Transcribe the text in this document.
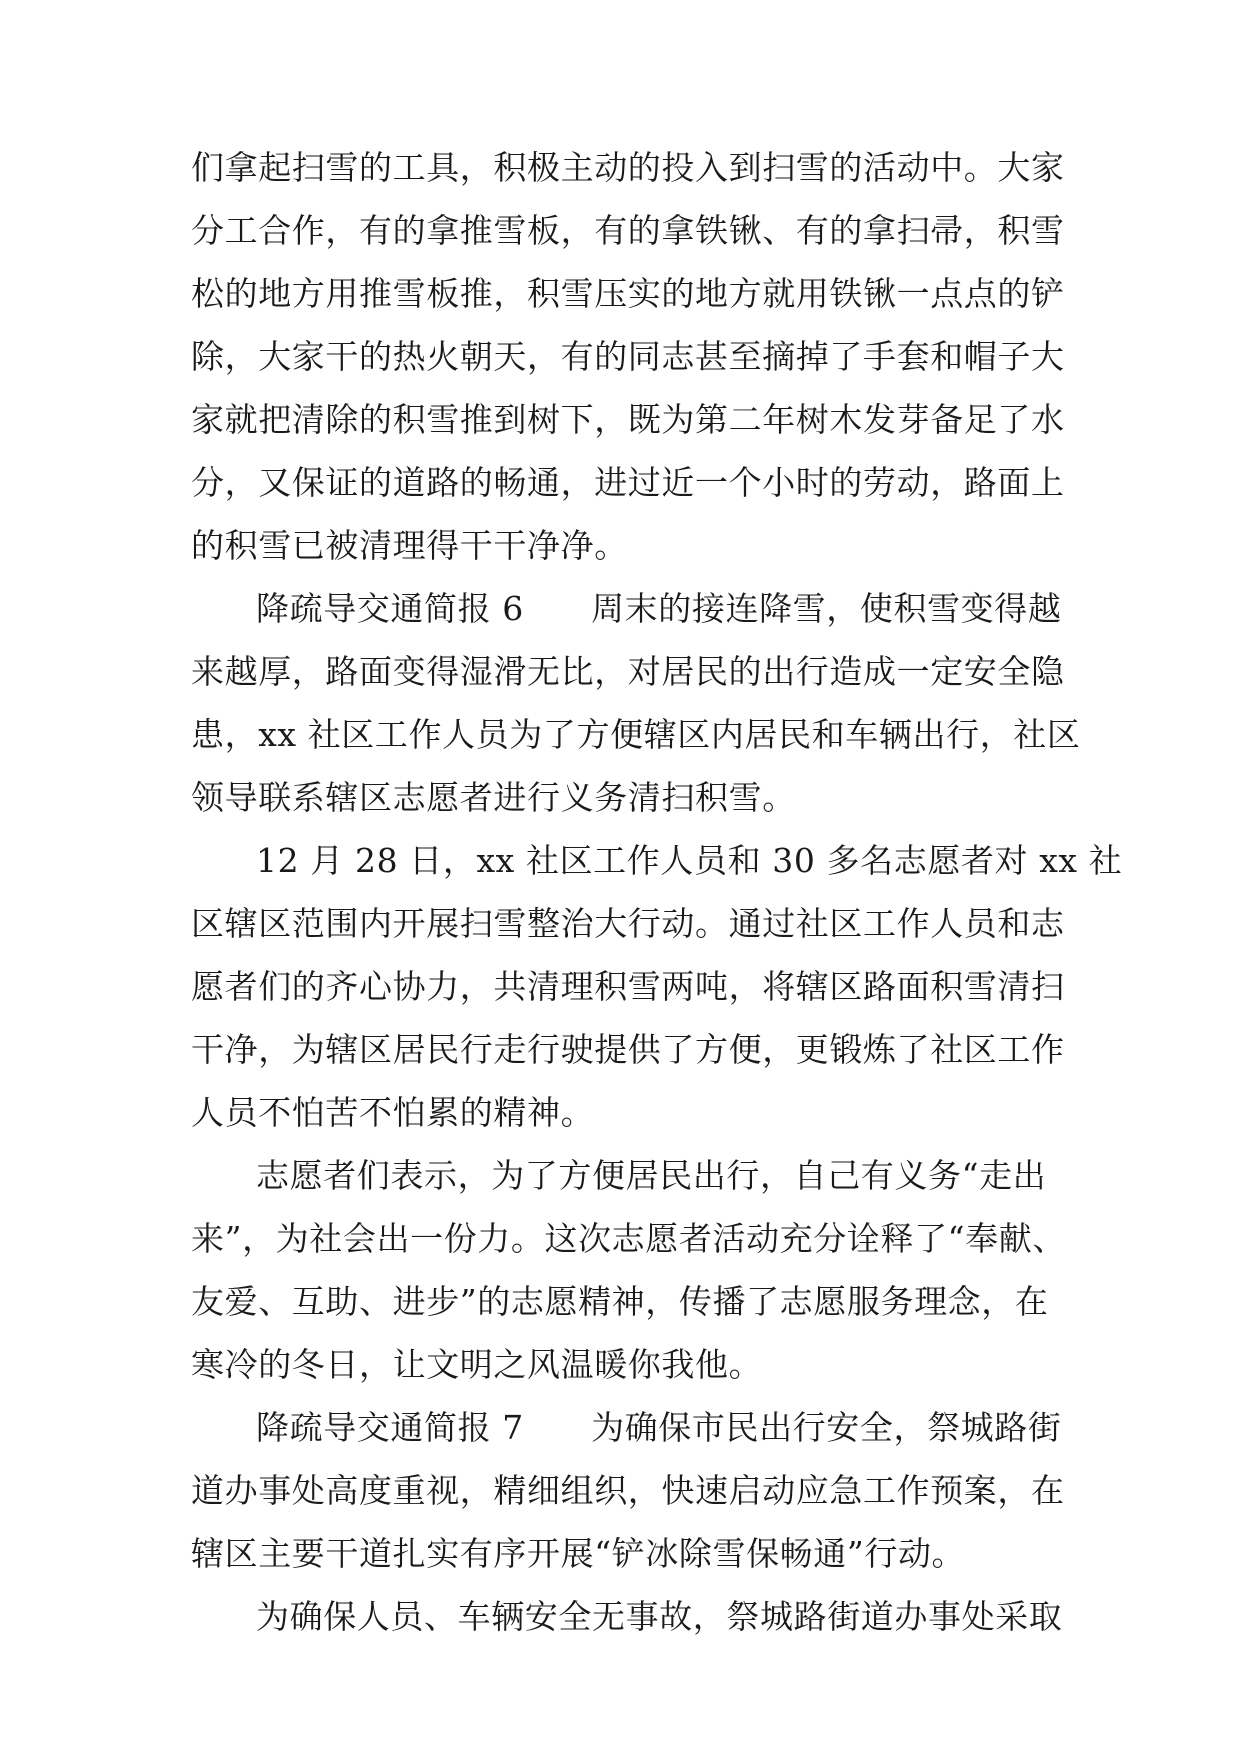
们拿起扫雪的工具，积极主动的投入到扫雪的活动中。大家
分工合作，有的拿推雪板，有的拿铁锹、有的拿扫帚，积雪
松的地方用推雪板推，积雪压实的地方就用铁锹一点点的铲
除，大家干的热火朝天，有的同志甚至摘掉了手套和帽子大
家就把清除的积雪推到树下，既为第二年树木发芽备足了水
分，又保证的道路的畅通，进过近一个小时的劳动，路面上
的积雪已被清理得干干净净。
降疏导交通简报 6　　周末的接连降雪，使积雪变得越
来越厚，路面变得湿滑无比，对居民的出行造成一定安全隐
患，xx 社区工作人员为了方便辖区内居民和车辆出行，社区
领导联系辖区志愿者进行义务清扫积雪。
12 月 28 日，xx 社区工作人员和 30 多名志愿者对 xx 社
区辖区范围内开展扫雪整治大行动。通过社区工作人员和志
愿者们的齐心协力，共清理积雪两吨，将辖区路面积雪清扫
干净，为辖区居民行走行驶提供了方便，更锻炼了社区工作
人员不怕苦不怕累的精神。
志愿者们表示，为了方便居民出行，自己有义务“走出
来”，为社会出一份力。这次志愿者活动充分诠释了“奉献、
友爱、互助、进步”的志愿精神，传播了志愿服务理念，在
寒冷的冬日，让文明之风温暖你我他。
降疏导交通简报 7　　为确保市民出行安全，祭城路街
道办事处高度重视，精细组织，快速启动应急工作预案，在
辖区主要干道扎实有序开展“铲冰除雪保畅通”行动。
为确保人员、车辆安全无事故，祭城路街道办事处采取
